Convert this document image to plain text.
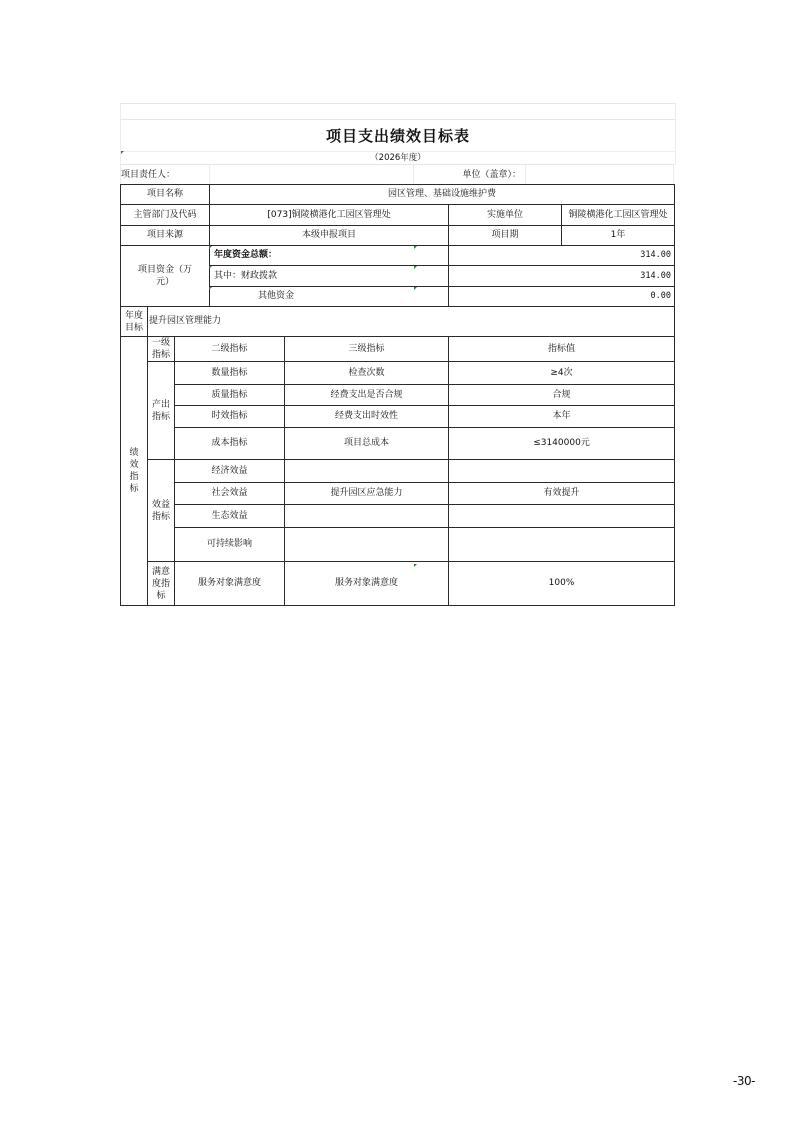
项目支出绩效目标表
（2026年度）
项目责任人：	单位（盖章）：
项目名称			园区管理、基础设施维护费			
主管部门及代码			[073]铜陵横港化工园区管理处		实施单位	铜陵横港化工园区管理处
项目来源			本级申报项目		项目期	1年
项目资金（万元）			年度资金总额：		314.00	
			其中：财政拨款		314.00	
			其他资金		0.00	
年度目标	提升园区管理能力					
绩效指标	一级指标	二级指标		三级指标	指标值	
	产出指标	数量指标		检查次数	≥4次	
		质量指标		经费支出是否合规	合规	
		时效指标		经费支出时效性	本年	
		成本指标		项目总成本	≤3140000元	
	效益指标	经济效益				
		社会效益		提升园区应急能力	有效提升	
		生态效益				
		可持续影响				
	满意度指标	服务对象满意度		服务对象满意度	100%	
-30-
